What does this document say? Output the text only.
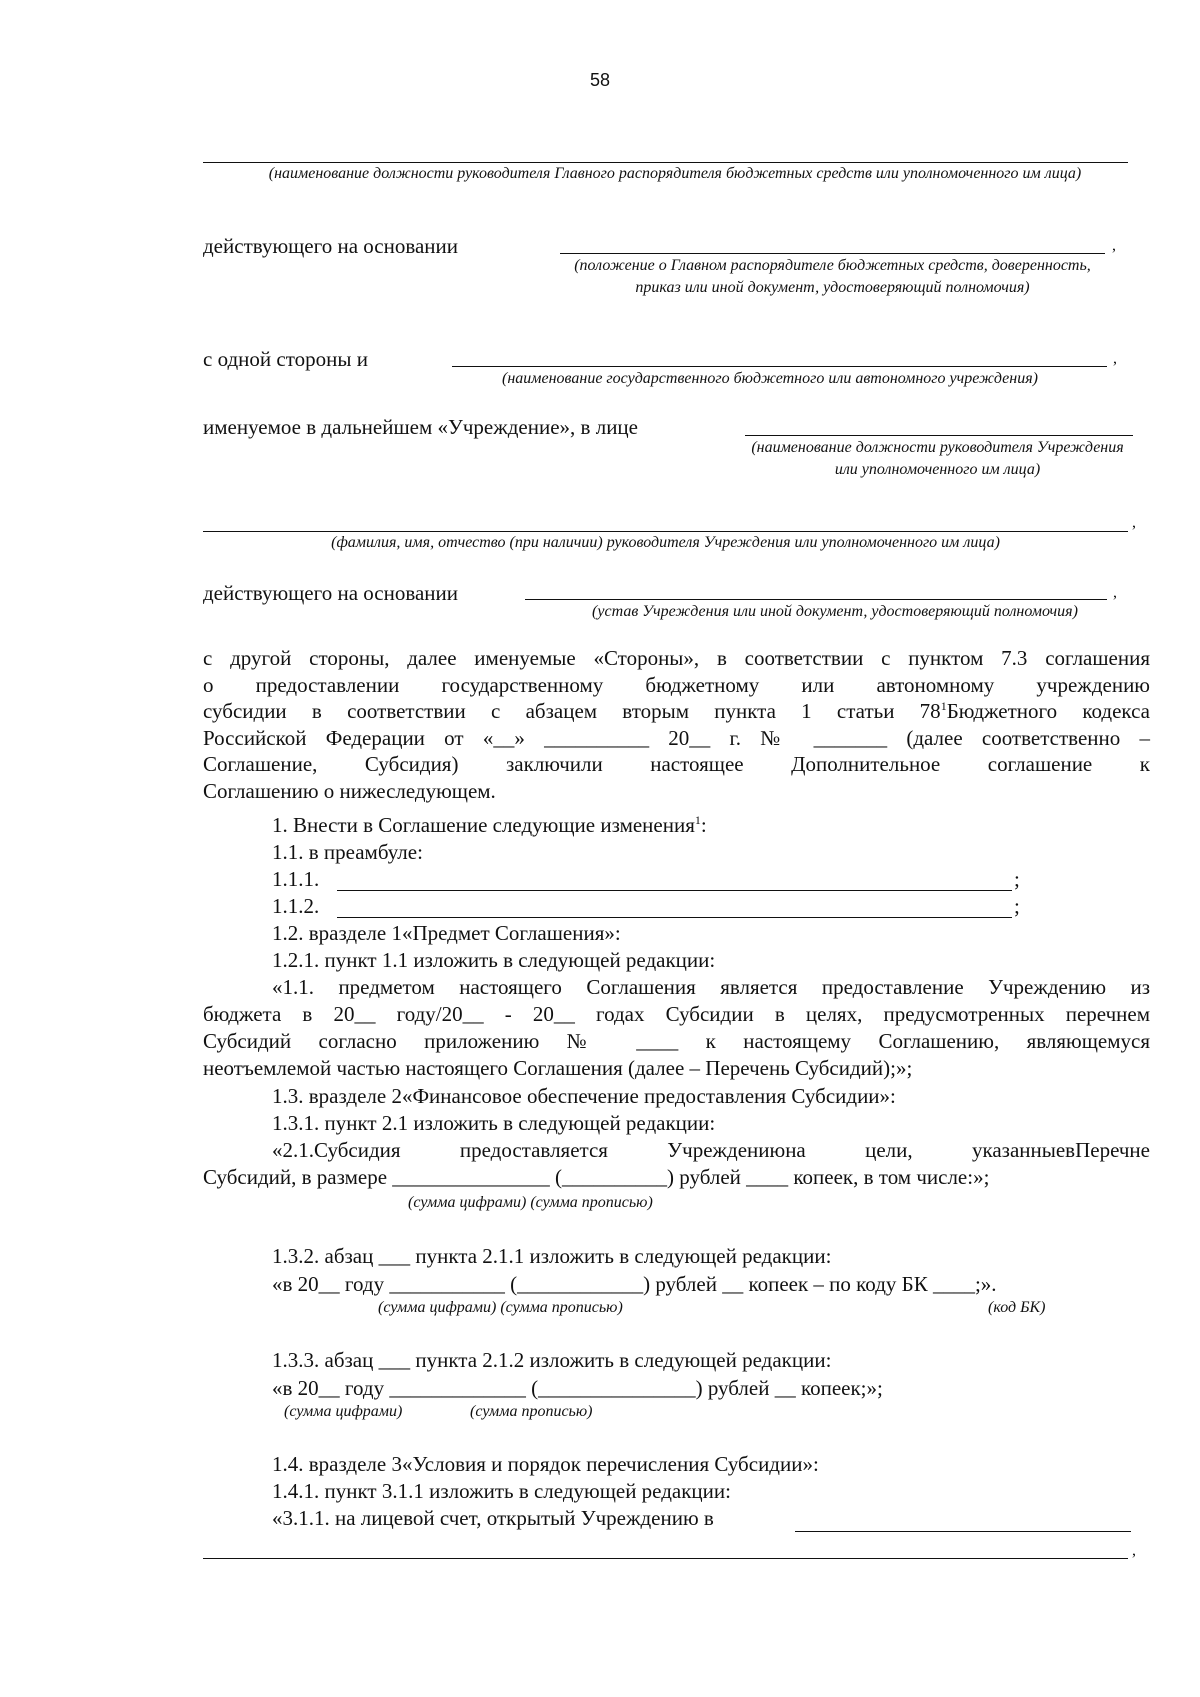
58
(наименование должности руководителя Главного распорядителя бюджетных средств или уполномоченного им лица)
действующего на основании	,
(положение о Главном распорядителе бюджетных средств, доверенность, приказ или иной документ, удостоверяющий полномочия)
с одной стороны и	,
(наименование государственного бюджетного или автономного учреждения)
именуемое в дальнейшем «Учреждение», в лице
(наименование должности руководителя Учреждения или уполномоченного им лица)
,
(фамилия, имя, отчество (при наличии) руководителя Учреждения или уполномоченного им лица)
действующего на основании	,
(устав Учреждения или иной документ, удостоверяющий полномочия)
с другой стороны, далее именуемые «Стороны», в соответствии с пунктом 7.3 соглашения
о предоставлении государственному бюджетному или автономному учреждению
субсидии в соответствии с абзацем вторым пункта 1 статьи $78^1Бюджетного$ кодекса
Российской Федерации от «__» __________ 20__ г. № _______ (далее соответственно –
Соглашение, Субсидия) заключили настоящее Дополнительное соглашение к
Соглашению о нижеследующем.
1. Внести в Соглашение следующие изменения$^1$:
1.1. в преамбуле:
1.1.1.	;
1.1.2.	;
1.2. вразделе 1«Предмет Соглашения»:
1.2.1. пункт 1.1 изложить в следующей редакции:
«1.1. предметом настоящего Соглашения является предоставление Учреждению из
бюджета в 20__ году/20__ - 20__ годах Субсидии в целях, предусмотренных перечнем
Субсидий согласно приложению № ____ к настоящему Соглашению, являющемуся
неотъемлемой частью настоящего Соглашения (далее – Перечень Субсидий);»;
1.3. вразделе 2«Финансовое обеспечение предоставления Субсидии»:
1.3.1. пункт 2.1 изложить в следующей редакции:
«2.1.Субсидия предоставляется Учреждениюна цели, указанныевПеречне
Субсидий, в размере _______________ (__________) рублей ____ копеек, в том числе:»;
(сумма цифрами) (сумма прописью)
1.3.2. абзац ___ пункта 2.1.1 изложить в следующей редакции:
«в 20__ году ___________ (____________) рублей __ копеек – по коду БК ____;».
(сумма цифрами) (сумма прописью)	(код БК)
1.3.3. абзац ___ пункта 2.1.2 изложить в следующей редакции:
«в 20__ году _____________ (_______________) рублей __ копеек;»;
(сумма цифрами)	(сумма прописью)
1.4. вразделе 3«Условия и порядок перечисления Субсидии»:
1.4.1. пункт 3.1.1 изложить в следующей редакции:
«3.1.1. на лицевой счет, открытый Учреждению в
,
